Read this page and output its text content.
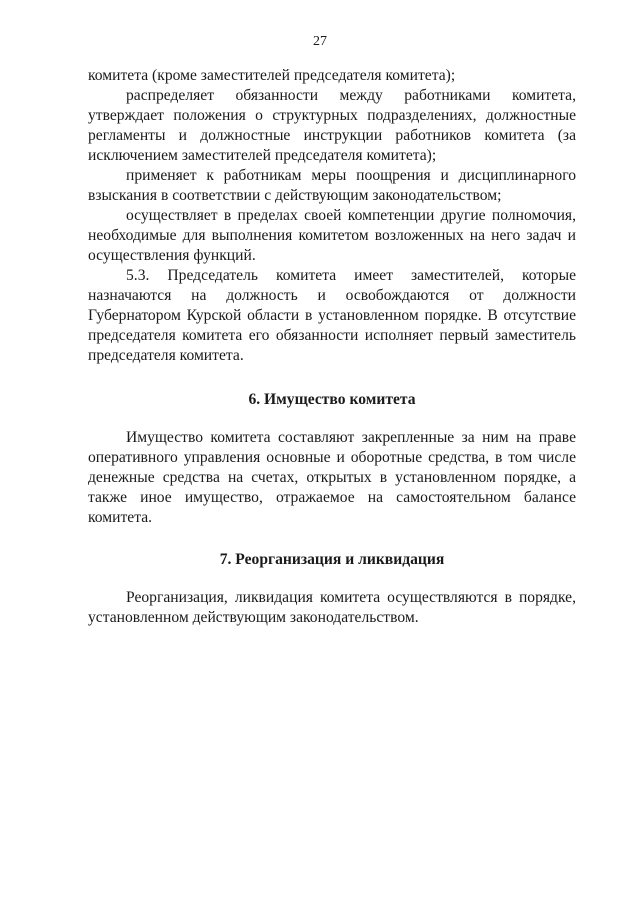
27

комитета (кроме заместителей председателя комитета);

распределяет обязанности между работниками комитета, утверждает положения о структурных подразделениях, должностные регламенты и должностные инструкции работников комитета (за исключением заместителей председателя комитета);

применяет к работникам меры поощрения и дисциплинарного взыскания в соответствии с действующим законодательством;

осуществляет в пределах своей компетенции другие полномочия, необходимые для выполнения комитетом возложенных на него задач и осуществления функций.

5.3. Председатель комитета имеет заместителей, которые назначаются на должность и освобождаются от должности Губернатором Курской области в установленном порядке. В отсутствие председателя комитета его обязанности исполняет первый заместитель председателя комитета.

6. Имущество комитета

Имущество комитета составляют закрепленные за ним на праве оперативного управления основные и оборотные средства, в том числе денежные средства на счетах, открытых в установленном порядке, а также иное имущество, отражаемое на самостоятельном балансе комитета.

7. Реорганизация и ликвидация

Реорганизация, ликвидация комитета осуществляются в порядке, установленном действующим законодательством.
